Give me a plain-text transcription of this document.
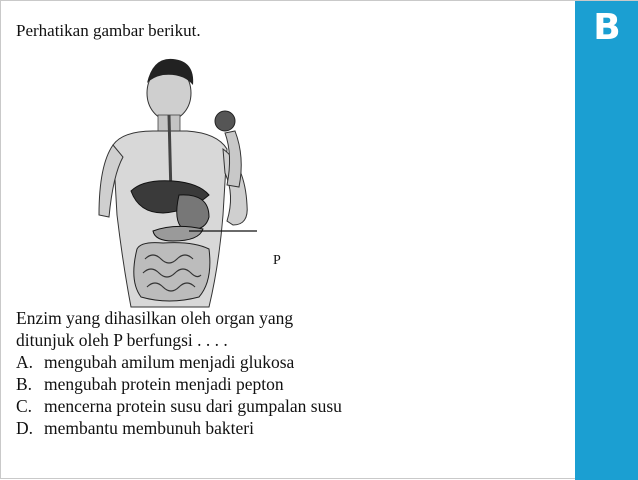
Perhatikan gambar berikut.
P
Enzim yang dihasilkan oleh organ yang
ditunjuk oleh P berfungsi . . . .
A. mengubah amilum menjadi glukosa
B. mengubah protein menjadi pepton
C. mencerna protein susu dari gumpalan susu
D. membantu membunuh bakteri
B
